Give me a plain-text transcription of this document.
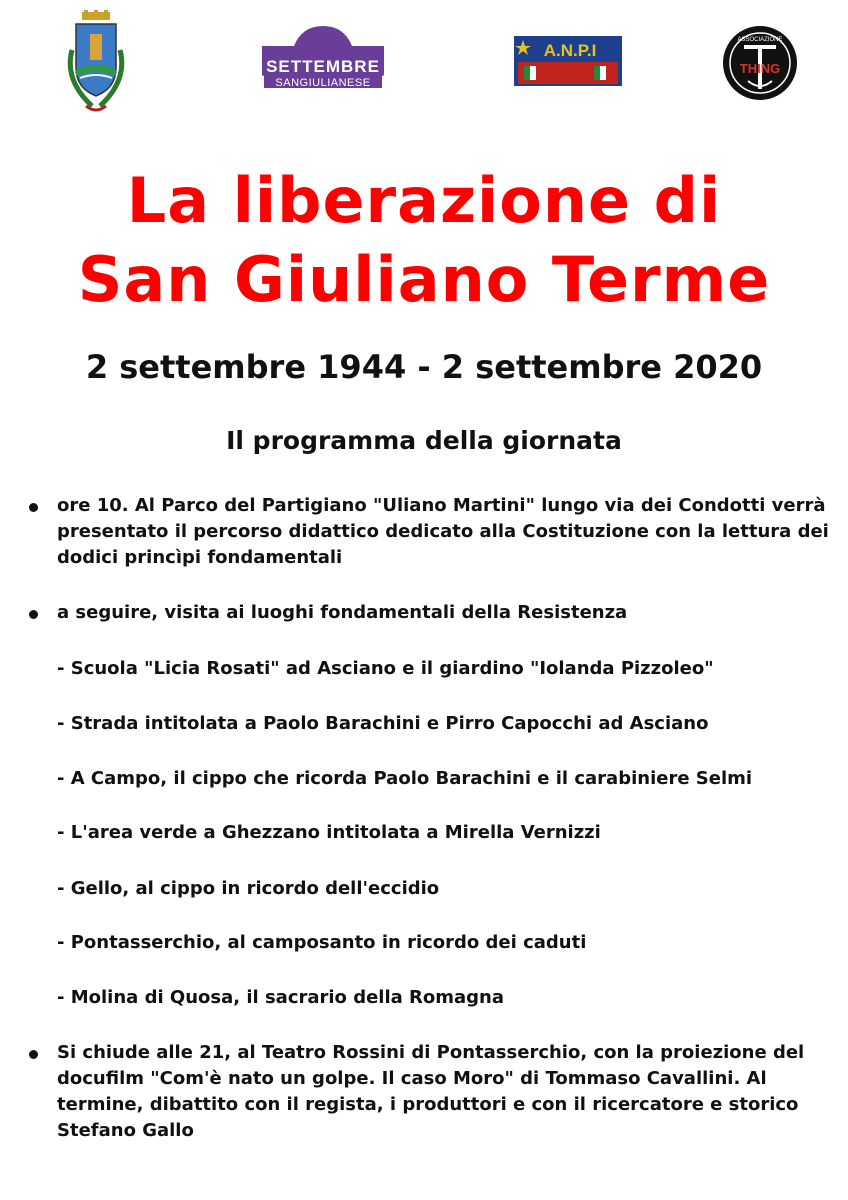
SETTEMBRE
SANGIULIANESE
A.N.P.I
ASSOCIAZIONE
THING
La liberazione di
San Giuliano Terme
2 settembre 1944 - 2 settembre 2020
Il programma della giornata
ore 10. Al Parco del Partigiano "Uliano Martini" lungo via dei Condotti verrà presentato il percorso didattico dedicato alla Costituzione con la lettura dei dodici princìpi fondamentali
a seguire, visita ai luoghi fondamentali della Resistenza
- Scuola "Licia Rosati" ad Asciano e il giardino "Iolanda Pizzoleo"
- Strada intitolata a Paolo Barachini e Pirro Capocchi ad Asciano
- A Campo, il cippo che ricorda Paolo Barachini e il carabiniere Selmi
- L'area verde a Ghezzano intitolata a Mirella Vernizzi
- Gello, al cippo in ricordo dell'eccidio
- Pontasserchio, al camposanto in ricordo dei caduti
- Molina di Quosa, il sacrario della Romagna
Si chiude alle 21, al Teatro Rossini di Pontasserchio, con la proiezione del docufilm "Com'è nato un golpe. Il caso Moro" di Tommaso Cavallini. Al termine, dibattito con il regista, i produttori e con il ricercatore e storico Stefano Gallo
